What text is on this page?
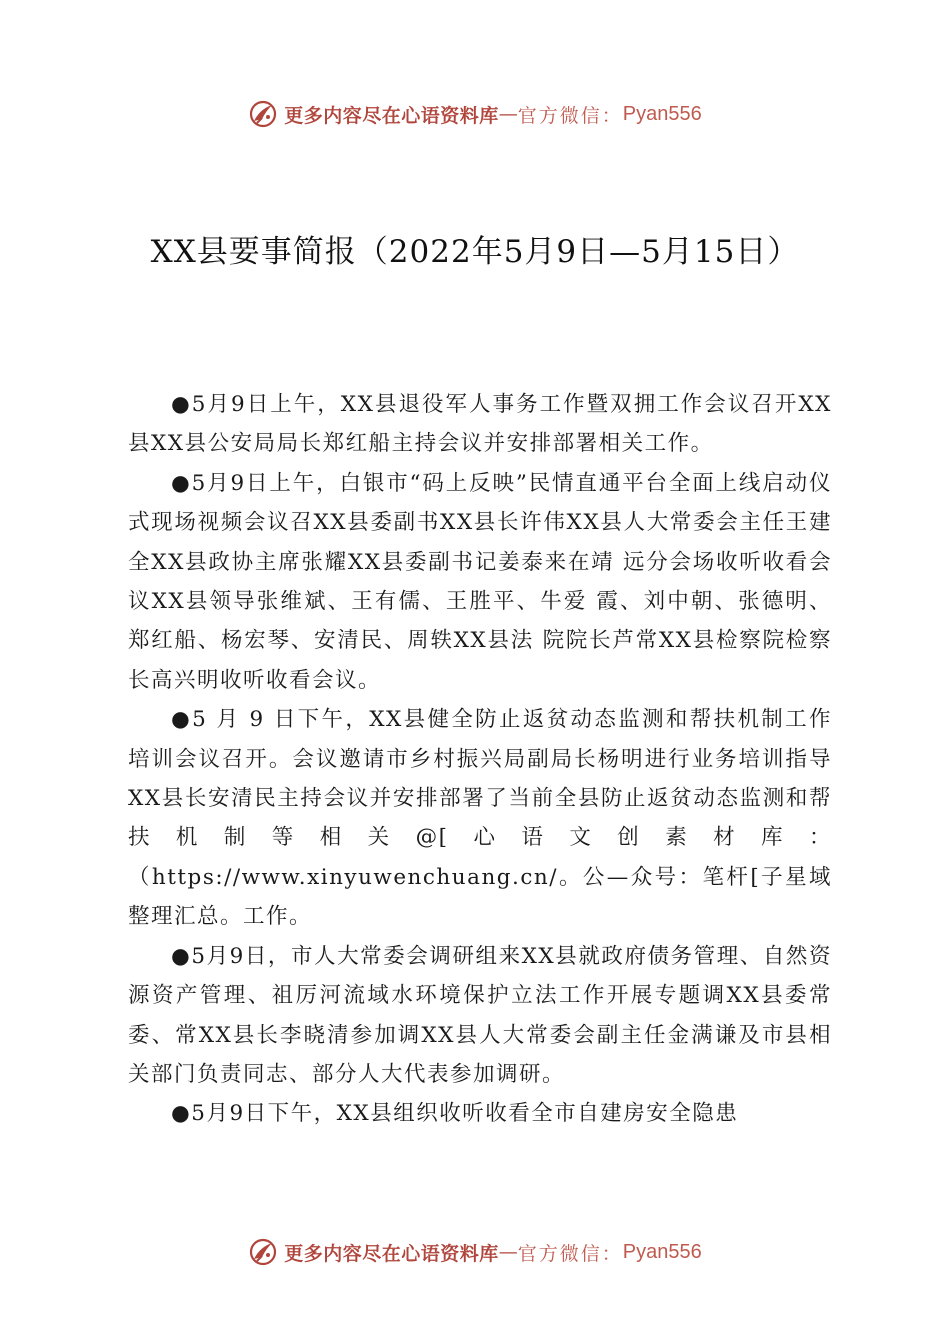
更多内容尽在心语资料库 — 官方微信： Pyan556
XX县要事简报（2022年5月9日—5月15日）

●5月9日上午，XX县退役军人事务工作暨双拥工作会议召开XX县XX县公安局局长郑红船主持会议并安排部署相关工作。

●5月9日上午，白银市“码上反映”民情直通平台全面上线启动仪式现场视频会议召XX县委副书XX县长许伟XX县人大常委会主任王建全XX县政协主席张耀XX县委副书记姜泰来在靖 远分会场收听收看会议XX县领导张维斌、王有儒、王胜平、牛爱 霞、刘中朝、张德明、郑红船、杨宏琴、安清民、周轶XX县法 院院长芦常XX县检察院检察长高兴明收听收看会议。

●5 月 9 日下午，XX县健全防止返贫动态监测和帮扶机制工作培训会议召开。会议邀请市乡村振兴局副局长杨明进行业务培训指导XX县长安清民主持会议并安排部署了当前全县防止返贫动态监测和帮扶机制等相关@[心语文创素材库：（https://www.xinyuwenchuang.cn/。公—众号：笔杆[子星域整理汇总。工作。

●5月9日，市人大常委会调研组来XX县就政府债务管理、自然资源资产管理、祖厉河流域水环境保护立法工作开展专题调XX县委常委、常XX县长李晓清参加调XX县人大常委会副主任金满谦及市县相关部门负责同志、部分人大代表参加调研。

●5月9日下午，XX县组织收听收看全市自建房安全隐患

更多内容尽在心语资料库 — 官方微信： Pyan556
